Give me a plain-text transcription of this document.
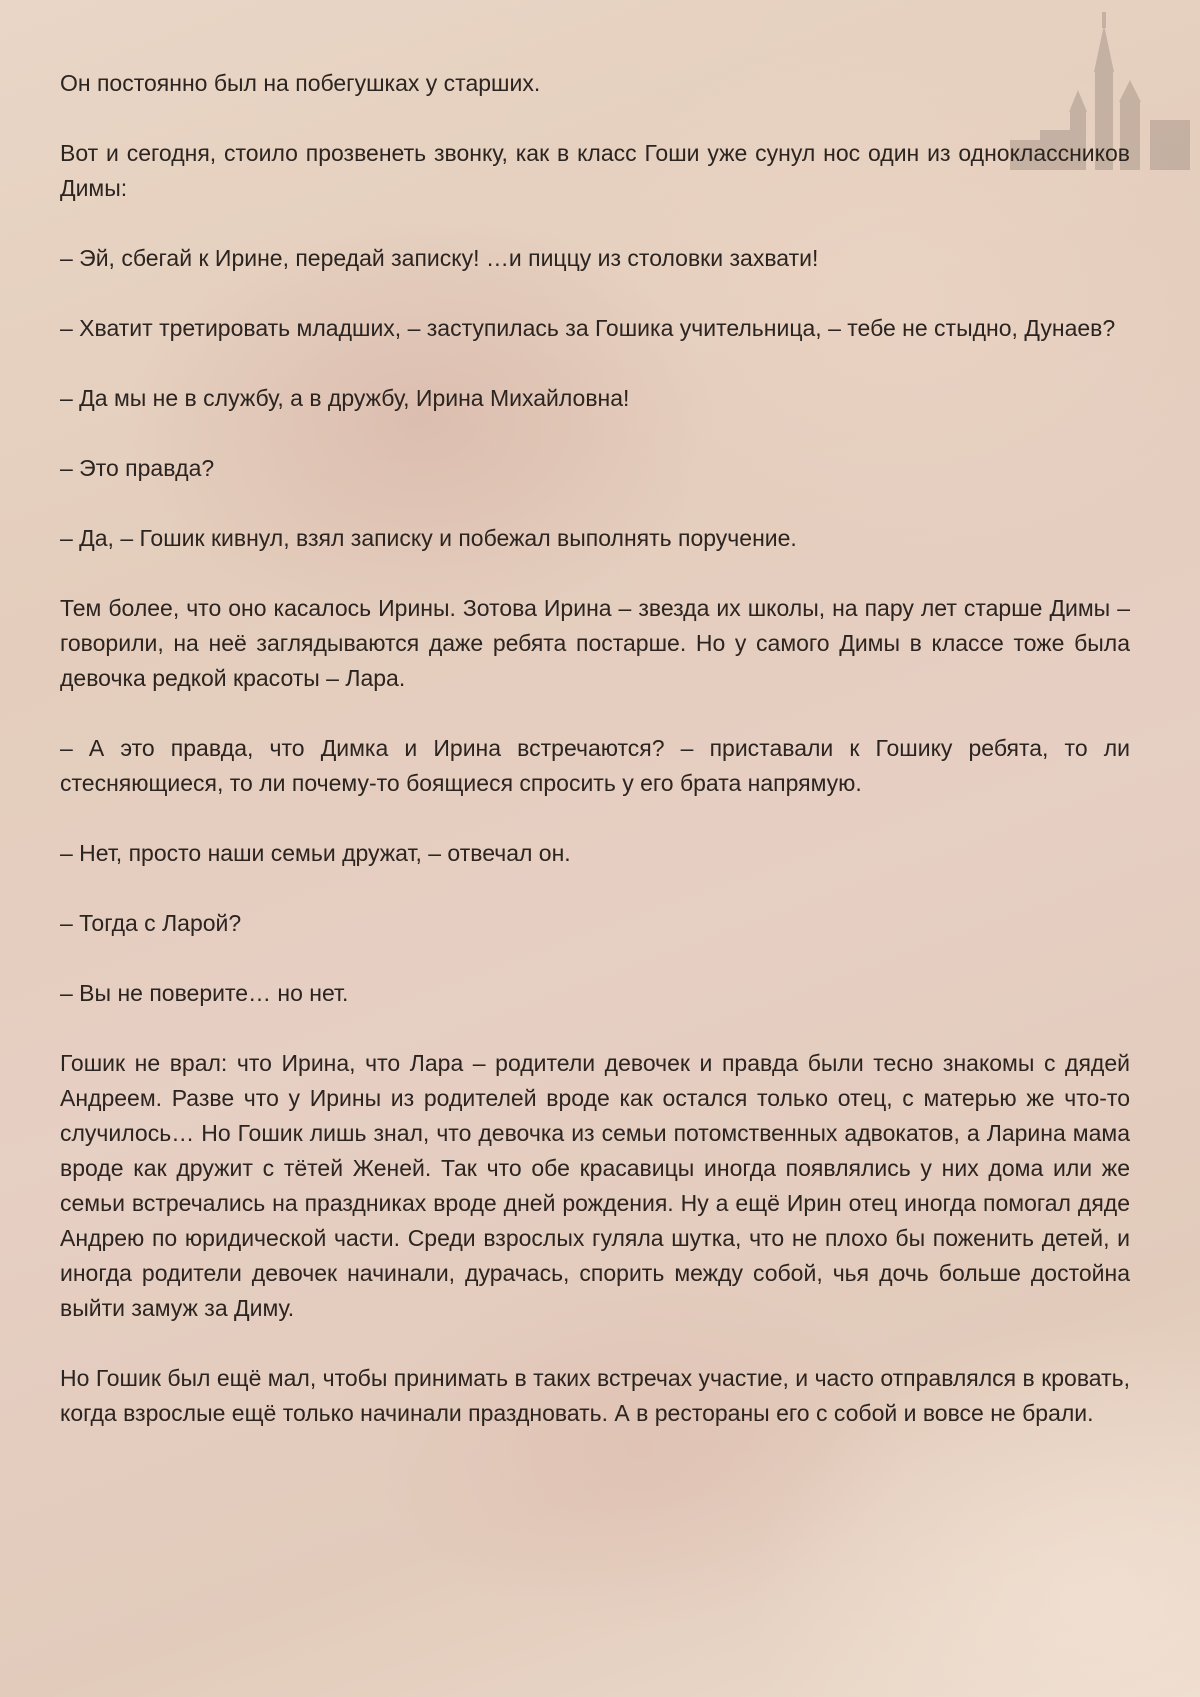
Он постоянно был на побегушках у старших.

Вот и сегодня, стоило прозвенеть звонку, как в класс Гоши уже сунул нос один из одноклассников Димы:

– Эй, сбегай к Ирине, передай записку! …и пиццу из столовки захвати!

– Хватит третировать младших, – заступилась за Гошика учительница, – тебе не стыдно, Дунаев?

– Да мы не в службу, а в дружбу, Ирина Михайловна!

– Это правда?

– Да, – Гошик кивнул, взял записку и побежал выполнять поручение.

Тем более, что оно касалось Ирины. Зотова Ирина – звезда их школы, на пару лет старше Димы – говорили, на неё заглядываются даже ребята постарше. Но у самого Димы в классе тоже была девочка редкой красоты – Лара.

– А это правда, что Димка и Ирина встречаются? – приставали к Гошику ребята, то ли стесняющиеся, то ли почему-то боящиеся спросить у его брата напрямую.

– Нет, просто наши семьи дружат, – отвечал он.

– Тогда с Ларой?

– Вы не поверите… но нет.

Гошик не врал: что Ирина, что Лара – родители девочек и правда были тесно знакомы с дядей Андреем. Разве что у Ирины из родителей вроде как остался только отец, с матерью же что-то случилось… Но Гошик лишь знал, что девочка из семьи потомственных адвокатов, а Ларина мама вроде как дружит с тётей Женей. Так что обе красавицы иногда появлялись у них дома или же семьи встречались на праздниках вроде дней рождения. Ну а ещё Ирин отец иногда помогал дяде Андрею по юридической части. Среди взрослых гуляла шутка, что не плохо бы поженить детей, и иногда родители девочек начинали, дурачась, спорить между собой, чья дочь больше достойна выйти замуж за Диму.

Но Гошик был ещё мал, чтобы принимать в таких встречах участие, и часто отправлялся в кровать, когда взрослые ещё только начинали праздновать. А в рестораны его с собой и вовсе не брали.
